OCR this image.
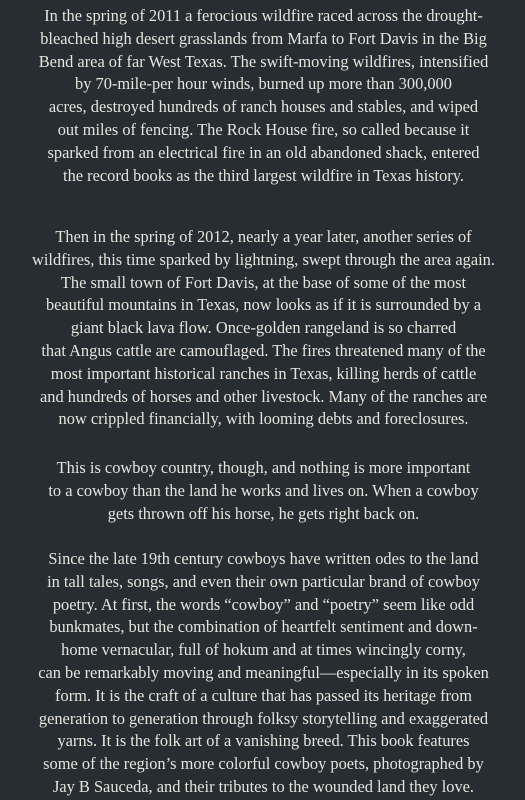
In the spring of 2011 a ferocious wildfire raced across the drought-
bleached high desert grasslands from Marfa to Fort Davis in the Big
Bend area of far West Texas. The swift-moving wildfires, intensified
by 70-mile-per hour winds, burned up more than 300,000
acres, destroyed hundreds of ranch houses and stables, and wiped
out miles of fencing. The Rock House fire, so called because it
sparked from an electrical fire in an old abandoned shack, entered
the record books as the third largest wildfire in Texas history.

Then in the spring of 2012, nearly a year later, another series of
wildfires, this time sparked by lightning, swept through the area again.
The small town of Fort Davis, at the base of some of the most
beautiful mountains in Texas, now looks as if it is surrounded by a
giant black lava flow. Once-golden rangeland is so charred
that Angus cattle are camouflaged. The fires threatened many of the
most important historical ranches in Texas, killing herds of cattle
and hundreds of horses and other livestock. Many of the ranches are
now crippled financially, with looming debts and foreclosures.

This is cowboy country, though, and nothing is more important
to a cowboy than the land he works and lives on. When a cowboy
gets thrown off his horse, he gets right back on.

Since the late 19th century cowboys have written odes to the land
in tall tales, songs, and even their own particular brand of cowboy
poetry. At first, the words “cowboy” and “poetry” seem like odd
bunkmates, but the combination of heartfelt sentiment and down-
home vernacular, full of hokum and at times wincingly corny,
can be remarkably moving and meaningful—especially in its spoken
form. It is the craft of a culture that has passed its heritage from
generation to generation through folksy storytelling and exaggerated
yarns. It is the folk art of a vanishing breed. This book features
some of the region’s more colorful cowboy poets, photographed by
Jay B Sauceda, and their tributes to the wounded land they love.
